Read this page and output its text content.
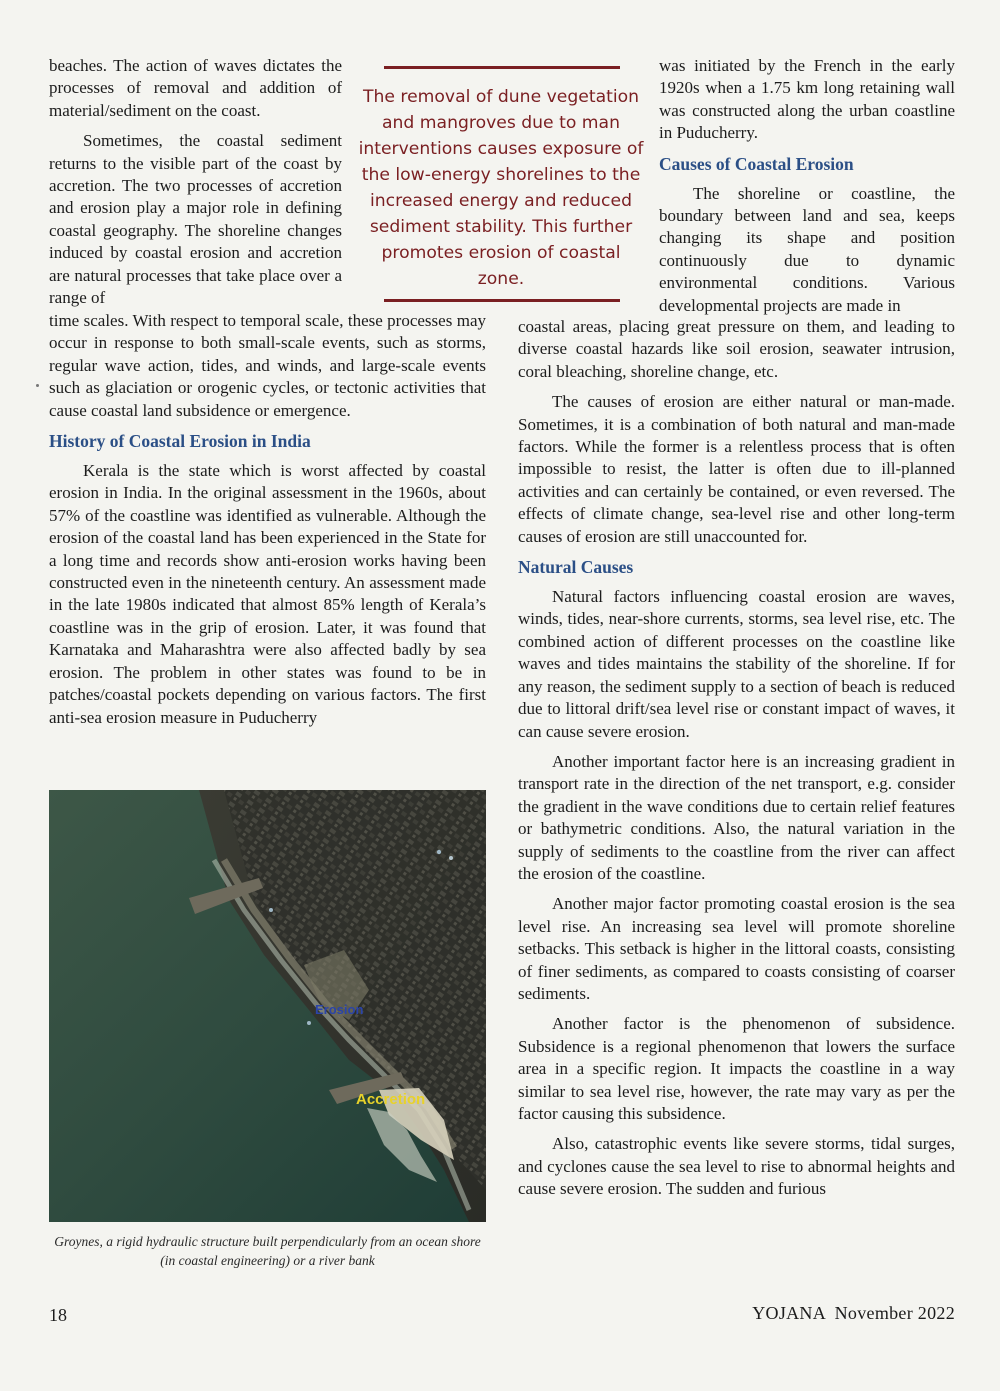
beaches. The action of waves dictates the processes of removal and addition of material/sediment on the coast.

Sometimes, the coastal sediment returns to the visible part of the coast by accretion. The two processes of accretion and erosion play a major role in defining coastal geography. The shoreline changes induced by coastal erosion and accretion are natural processes that take place over a range of

time scales. With respect to temporal scale, these processes may occur in response to both small-scale events, such as storms, regular wave action, tides, and winds, and large-scale events such as glaciation or orogenic cycles, or tectonic activities that cause coastal land subsidence or emergence.

History of Coastal Erosion in India

Kerala is the state which is worst affected by coastal erosion in India. In the original assessment in the 1960s, about 57% of the coastline was identified as vulnerable. Although the erosion of the coastal land has been experienced in the State for a long time and records show anti-erosion works having been constructed even in the nineteenth century. An assessment made in the late 1980s indicated that almost 85% length of Kerala’s coastline was in the grip of erosion. Later, it was found that Karnataka and Maharashtra were also affected badly by sea erosion. The problem in other states was found to be in patches/coastal pockets depending on various factors. The first anti-sea erosion measure in Puducherry

The removal of dune vegetation and mangroves due to man interventions causes exposure of the low-energy shorelines to the increased energy and reduced sediment stability. This further promotes erosion of coastal zone.

was initiated by the French in the early 1920s when a 1.75 km long retaining wall was constructed along the urban coastline in Puducherry.

Causes of Coastal Erosion

The shoreline or coastline, the boundary between land and sea, keeps changing its shape and position continuously due to dynamic environmental conditions. Various developmental projects are made in

coastal areas, placing great pressure on them, and leading to diverse coastal hazards like soil erosion, seawater intrusion, coral bleaching, shoreline change, etc.

The causes of erosion are either natural or man-made. Sometimes, it is a combination of both natural and man-made factors. While the former is a relentless process that is often impossible to resist, the latter is often due to ill-planned activities and can certainly be contained, or even reversed. The effects of climate change, sea-level rise and other long-term causes of erosion are still unaccounted for.

Natural Causes

Natural factors influencing coastal erosion are waves, winds, tides, near-shore currents, storms, sea level rise, etc. The combined action of different processes on the coastline like waves and tides maintains the stability of the shoreline. If for any reason, the sediment supply to a section of beach is reduced due to littoral drift/sea level rise or constant impact of waves, it can cause severe erosion.

Another important factor here is an increasing gradient in transport rate in the direction of the net transport, e.g. consider the gradient in the wave conditions due to certain relief features or bathymetric conditions. Also, the natural variation in the supply of sediments to the coastline from the river can affect the erosion of the coastline.

Another major factor promoting coastal erosion is the sea level rise. An increasing sea level will promote shoreline setbacks. This setback is higher in the littoral coasts, consisting of finer sediments, as compared to coasts consisting of coarser sediments.

Another factor is the phenomenon of subsidence. Subsidence is a regional phenomenon that lowers the surface area in a specific region. It impacts the coastline in a way similar to sea level rise, however, the rate may vary as per the factor causing this subsidence.

Also, catastrophic events like severe storms, tidal surges, and cyclones cause the sea level to rise to abnormal heights and cause severe erosion. The sudden and furious

Erosion
Accretion
Groynes, a rigid hydraulic structure built perpendicularly from an ocean shore (in coastal engineering) or a river bank
18	YOJANA  November 2022
